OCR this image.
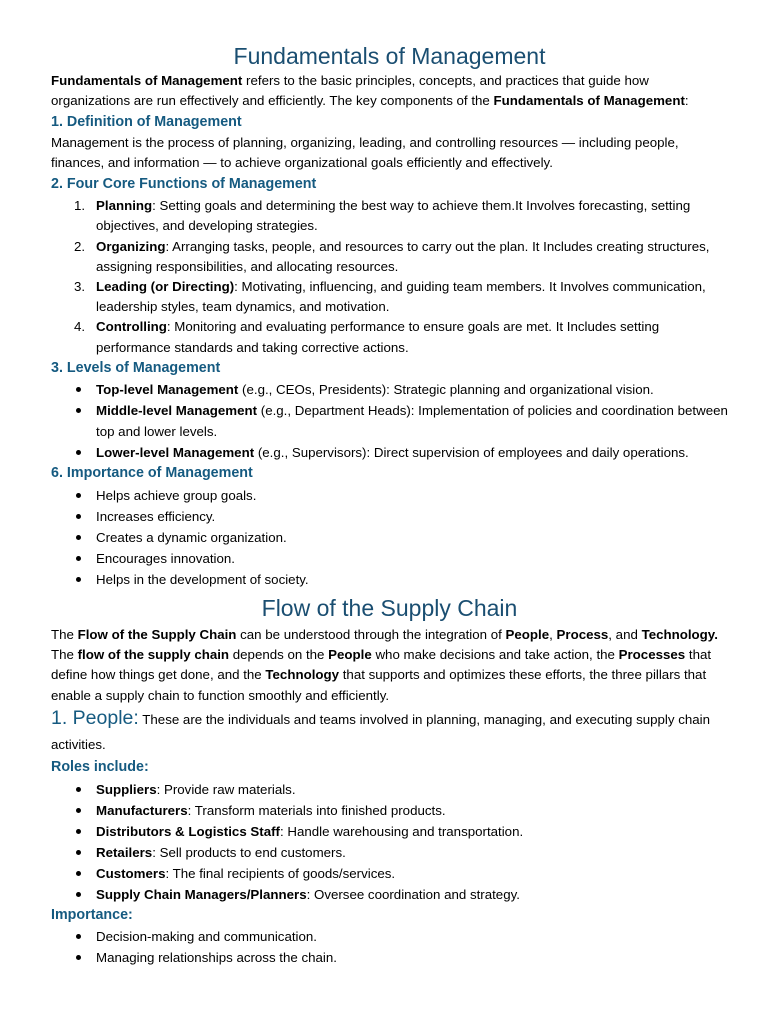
Fundamentals of Management

Fundamentals of Management refers to the basic principles, concepts, and practices that guide how organizations are run effectively and efficiently. The key components of the Fundamentals of Management:

1. Definition of Management

Management is the process of planning, organizing, leading, and controlling resources — including people, finances, and information — to achieve organizational goals efficiently and effectively.

2. Four Core Functions of Management
1. Planning: Setting goals and determining the best way to achieve them.It Involves forecasting, setting objectives, and developing strategies.
2. Organizing: Arranging tasks, people, and resources to carry out the plan. It Includes creating structures, assigning responsibilities, and allocating resources.
3. Leading (or Directing): Motivating, influencing, and guiding team members. It Involves communication, leadership styles, team dynamics, and motivation.
4. Controlling: Monitoring and evaluating performance to ensure goals are met. It Includes setting performance standards and taking corrective actions.
3. Levels of Management
Top-level Management (e.g., CEOs, Presidents): Strategic planning and organizational vision.
Middle-level Management (e.g., Department Heads): Implementation of policies and coordination between top and lower levels.
Lower-level Management (e.g., Supervisors): Direct supervision of employees and daily operations.
6. Importance of Management
Helps achieve group goals.
Increases efficiency.
Creates a dynamic organization.
Encourages innovation.
Helps in the development of society.
Flow of the Supply Chain

The Flow of the Supply Chain can be understood through the integration of People, Process, and Technology. The flow of the supply chain depends on the People who make decisions and take action, the Processes that define how things get done, and the Technology that supports and optimizes these efforts, the three pillars that enable a supply chain to function smoothly and efficiently.

1. People: These are the individuals and teams involved in planning, managing, and executing supply chain activities.

Roles include:
Suppliers: Provide raw materials.
Manufacturers: Transform materials into finished products.
Distributors & Logistics Staff: Handle warehousing and transportation.
Retailers: Sell products to end customers.
Customers: The final recipients of goods/services.
Supply Chain Managers/Planners: Oversee coordination and strategy.
Importance:
Decision-making and communication.
Managing relationships across the chain.
